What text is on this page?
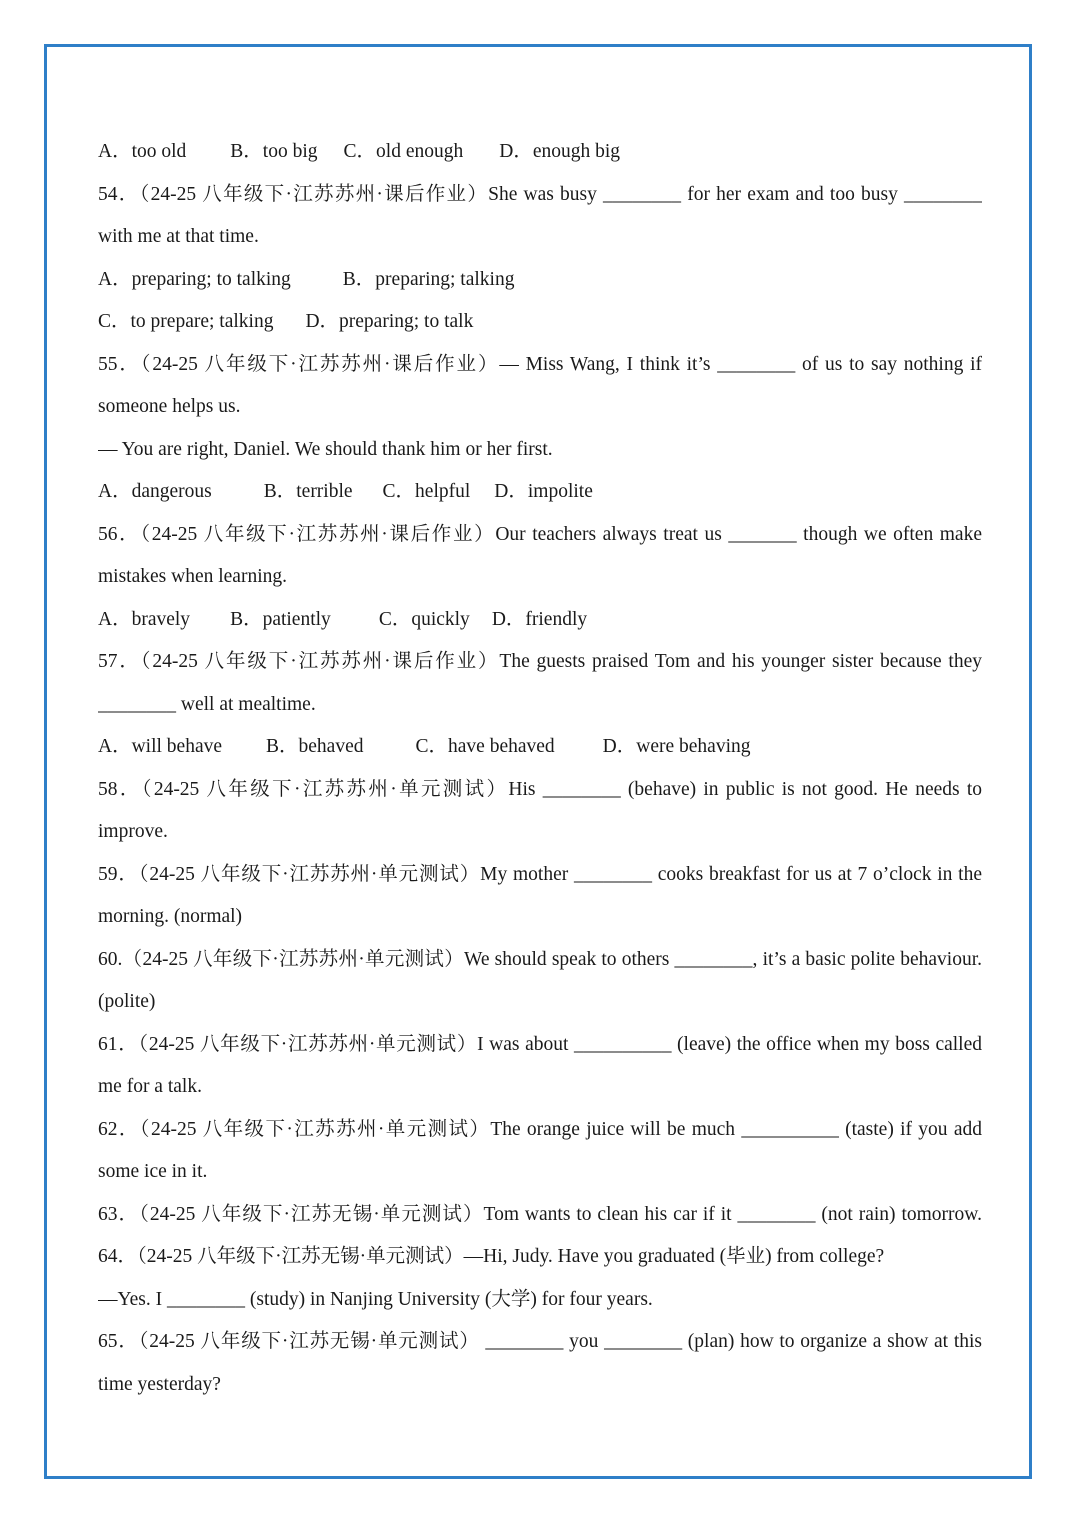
A．too old B．too big C．old enough D．enough big
54．（24-25 八年级下·江苏苏州·课后作业）She was busy ________ for her exam and too busy ________
with me at that time.
A．preparing; to talking	B．preparing; talking
C．to prepare; talking D．preparing; to talk
55．（24-25 八年级下·江苏苏州·课后作业）— Miss Wang, I think it’s ________ of us to say nothing if
someone helps us.
— You are right, Daniel. We should thank him or her first.
A．dangerous	B．terrible C．helpful D．impolite
56．（24-25 八年级下·江苏苏州·课后作业）Our teachers always treat us _______ though we often make
mistakes when learning.
A．bravely B．patiently C．quickly D．friendly
57．（24-25 八年级下·江苏苏州·课后作业）The guests praised Tom and his younger sister because they
________ well at mealtime.
A．will behave B．behaved	C．have behaved D．were behaving
58．（24-25 八年级下·江苏苏州·单元测试）His ________ (behave) in public is not good. He needs to
improve.
59．（24-25 八年级下·江苏苏州·单元测试）My mother ________ cooks breakfast for us at 7 o’clock in the
morning. (normal)
60.（24-25 八年级下·江苏苏州·单元测试）We should speak to others ________, it’s a basic polite behaviour.
(polite)
61．（24-25 八年级下·江苏苏州·单元测试）I was about __________ (leave) the office when my boss called
me for a talk.
62．（24-25 八年级下·江苏苏州·单元测试）The orange juice will be much __________ (taste) if you add
some ice in it.
63．（24-25 八年级下·江苏无锡·单元测试）Tom wants to clean his car if it ________ (not rain) tomorrow.
64．（24-25 八年级下·江苏无锡·单元测试）—Hi, Judy. Have you graduated (毕业) from college?
—Yes. I ________ (study) in Nanjing University (大学) for four years.
65．（24-25 八年级下·江苏无锡·单元测试） ________ you ________ (plan) how to organize a show at this
time yesterday?
